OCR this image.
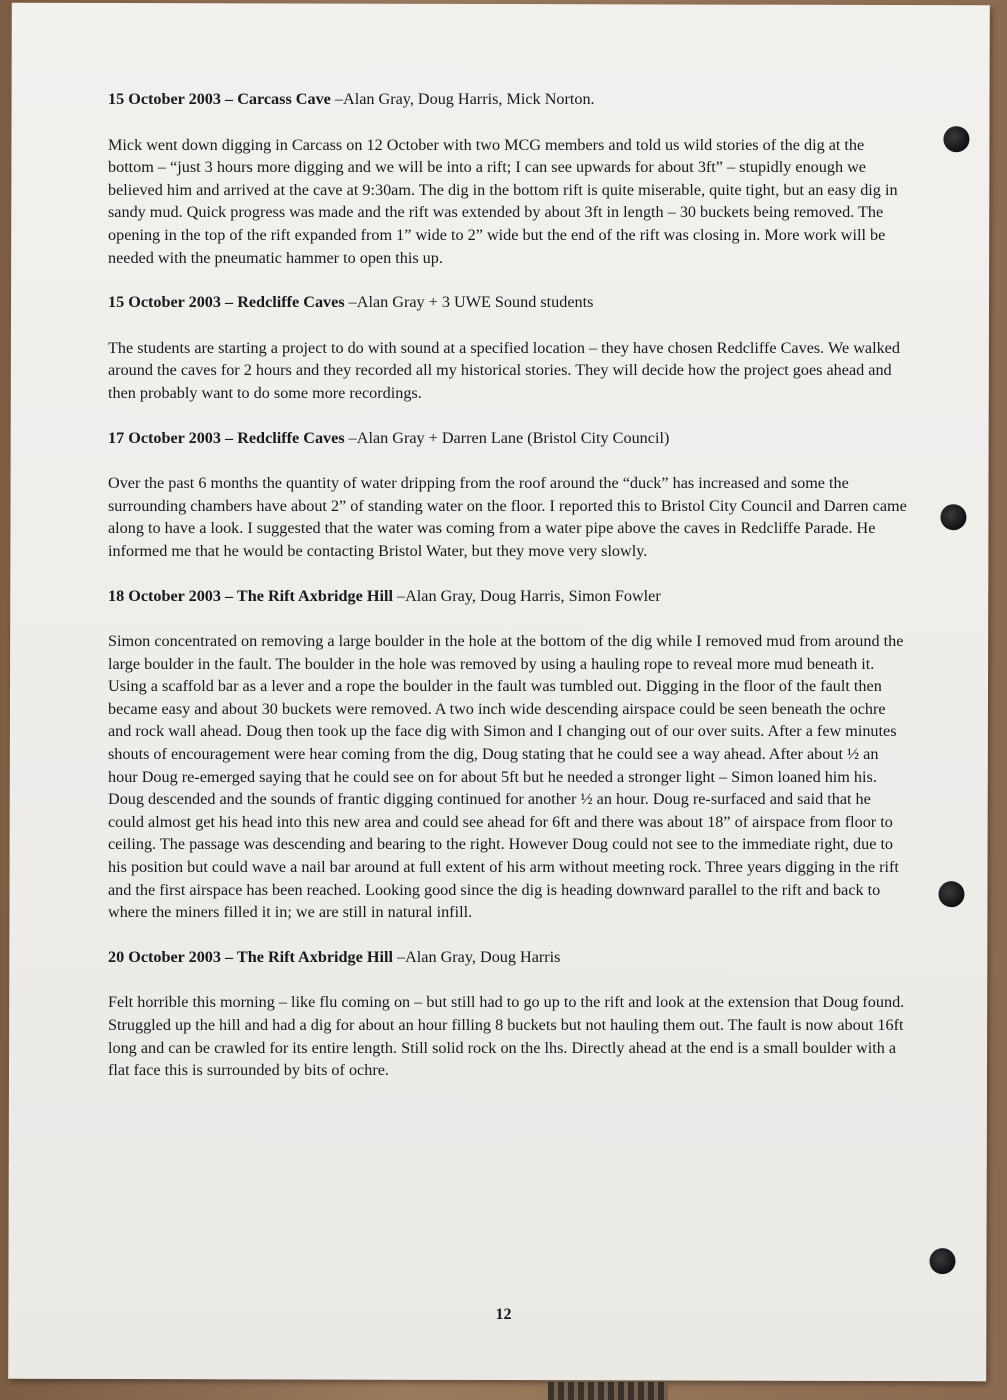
15 October 2003 – Carcass Cave –Alan Gray, Doug Harris, Mick Norton.

Mick went down digging in Carcass on 12 October with two MCG members and told us wild stories of the dig at the bottom – “just 3 hours more digging and we will be into a rift; I can see upwards for about 3ft” – stupidly enough we believed him and arrived at the cave at 9:30am. The dig in the bottom rift is quite miserable, quite tight, but an easy dig in sandy mud. Quick progress was made and the rift was extended by about 3ft in length – 30 buckets being removed. The opening in the top of the rift expanded from 1” wide to 2” wide but the end of the rift was closing in. More work will be needed with the pneumatic hammer to open this up.

15 October 2003 – Redcliffe Caves –Alan Gray + 3 UWE Sound students

The students are starting a project to do with sound at a specified location – they have chosen Redcliffe Caves. We walked around the caves for 2 hours and they recorded all my historical stories. They will decide how the project goes ahead and then probably want to do some more recordings.

17 October 2003 – Redcliffe Caves –Alan Gray + Darren Lane (Bristol City Council)

Over the past 6 months the quantity of water dripping from the roof around the “duck” has increased and some the surrounding chambers have about 2” of standing water on the floor. I reported this to Bristol City Council and Darren came along to have a look. I suggested that the water was coming from a water pipe above the caves in Redcliffe Parade. He informed me that he would be contacting Bristol Water, but they move very slowly.

18 October 2003 – The Rift Axbridge Hill –Alan Gray, Doug Harris, Simon Fowler

Simon concentrated on removing a large boulder in the hole at the bottom of the dig while I removed mud from around the large boulder in the fault. The boulder in the hole was removed by using a hauling rope to reveal more mud beneath it. Using a scaffold bar as a lever and a rope the boulder in the fault was tumbled out. Digging in the floor of the fault then became easy and about 30 buckets were removed. A two inch wide descending airspace could be seen beneath the ochre and rock wall ahead. Doug then took up the face dig with Simon and I changing out of our over suits. After a few minutes shouts of encouragement were hear coming from the dig, Doug stating that he could see a way ahead. After about ½ an hour Doug re-emerged saying that he could see on for about 5ft but he needed a stronger light – Simon loaned him his. Doug descended and the sounds of frantic digging continued for another ½ an hour. Doug re-surfaced and said that he could almost get his head into this new area and could see ahead for 6ft and there was about 18” of airspace from floor to ceiling. The passage was descending and bearing to the right. However Doug could not see to the immediate right, due to his position but could wave a nail bar around at full extent of his arm without meeting rock. Three years digging in the rift and the first airspace has been reached. Looking good since the dig is heading downward parallel to the rift and back to where the miners filled it in; we are still in natural infill.

20 October 2003 – The Rift Axbridge Hill –Alan Gray, Doug Harris

Felt horrible this morning – like flu coming on – but still had to go up to the rift and look at the extension that Doug found. Struggled up the hill and had a dig for about an hour filling 8 buckets but not hauling them out. The fault is now about 16ft long and can be crawled for its entire length. Still solid rock on the lhs. Directly ahead at the end is a small boulder with a flat face this is surrounded by bits of ochre.

12
